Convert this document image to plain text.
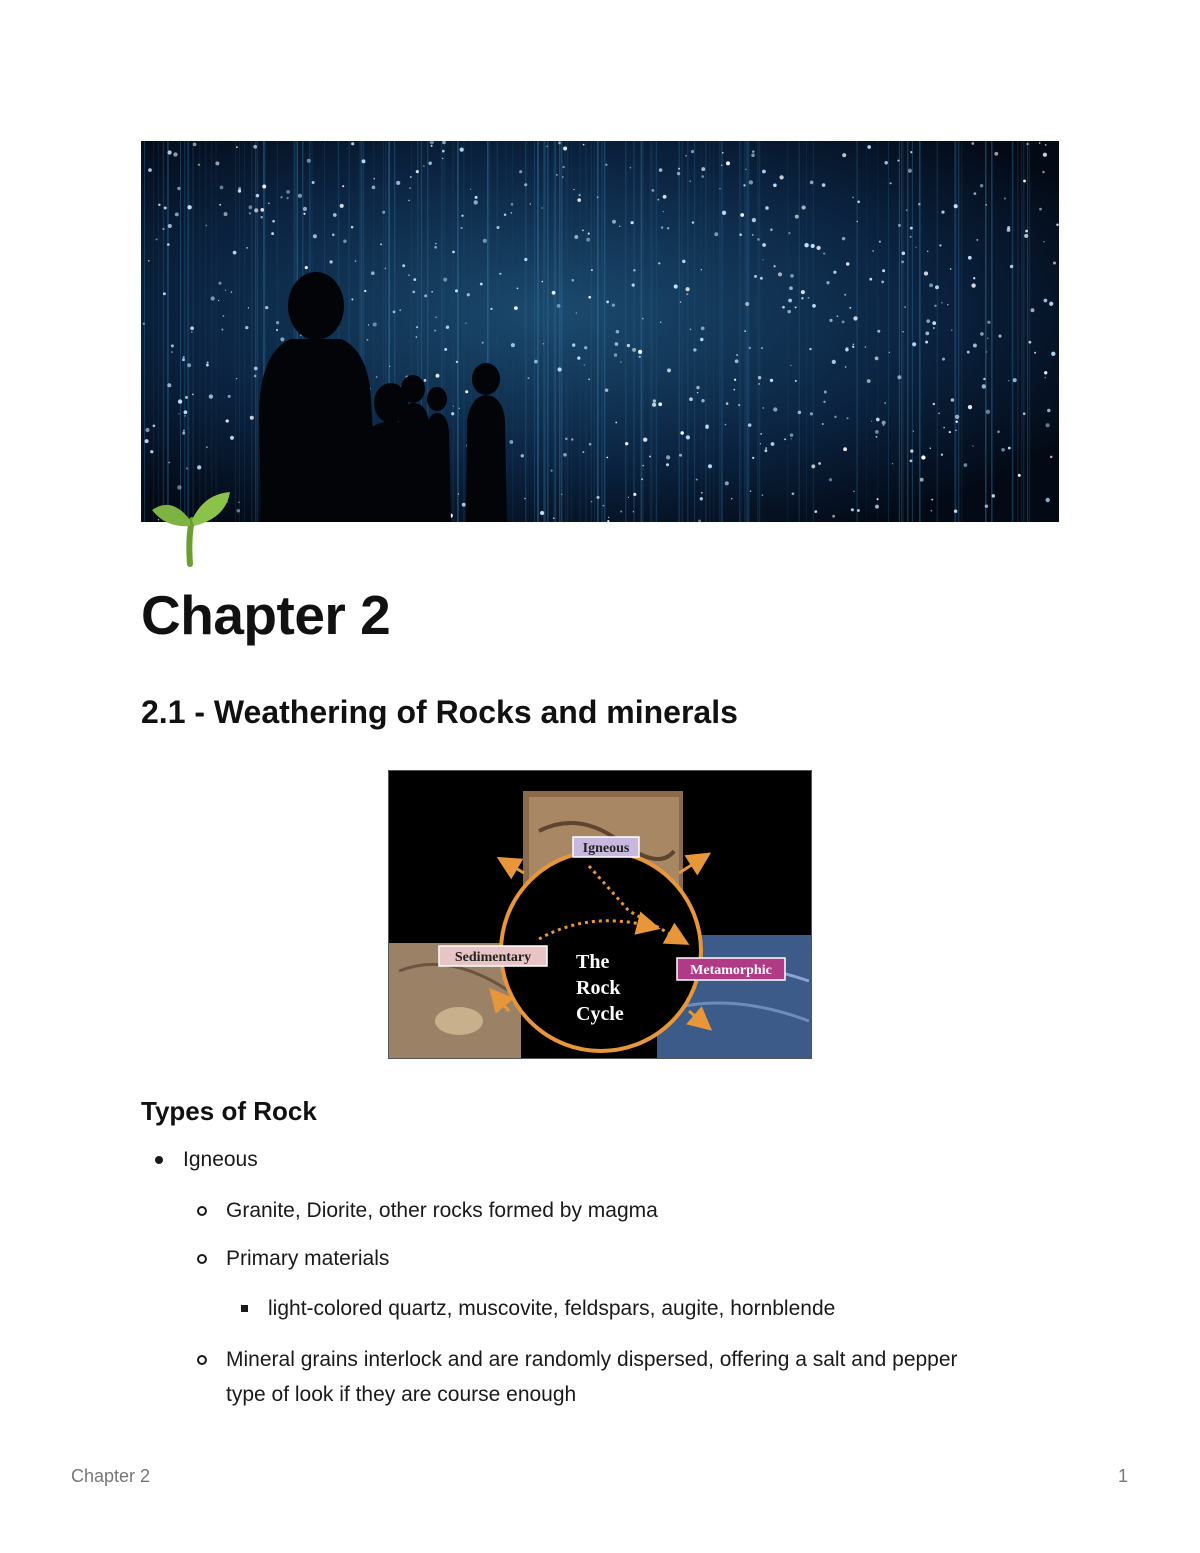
Chapter 2
2.1 - Weathering of Rocks and minerals
Igneous
Sedimentary
Metamorphic
The
Rock
Cycle
Types of Rock
Igneous
Granite, Diorite, other rocks formed by magma
Primary materials
light-colored quartz, muscovite, feldspars, augite, hornblende
Mineral grains interlock and are randomly dispersed, offering a salt and pepper
type of look if they are course enough
Chapter 2	1
